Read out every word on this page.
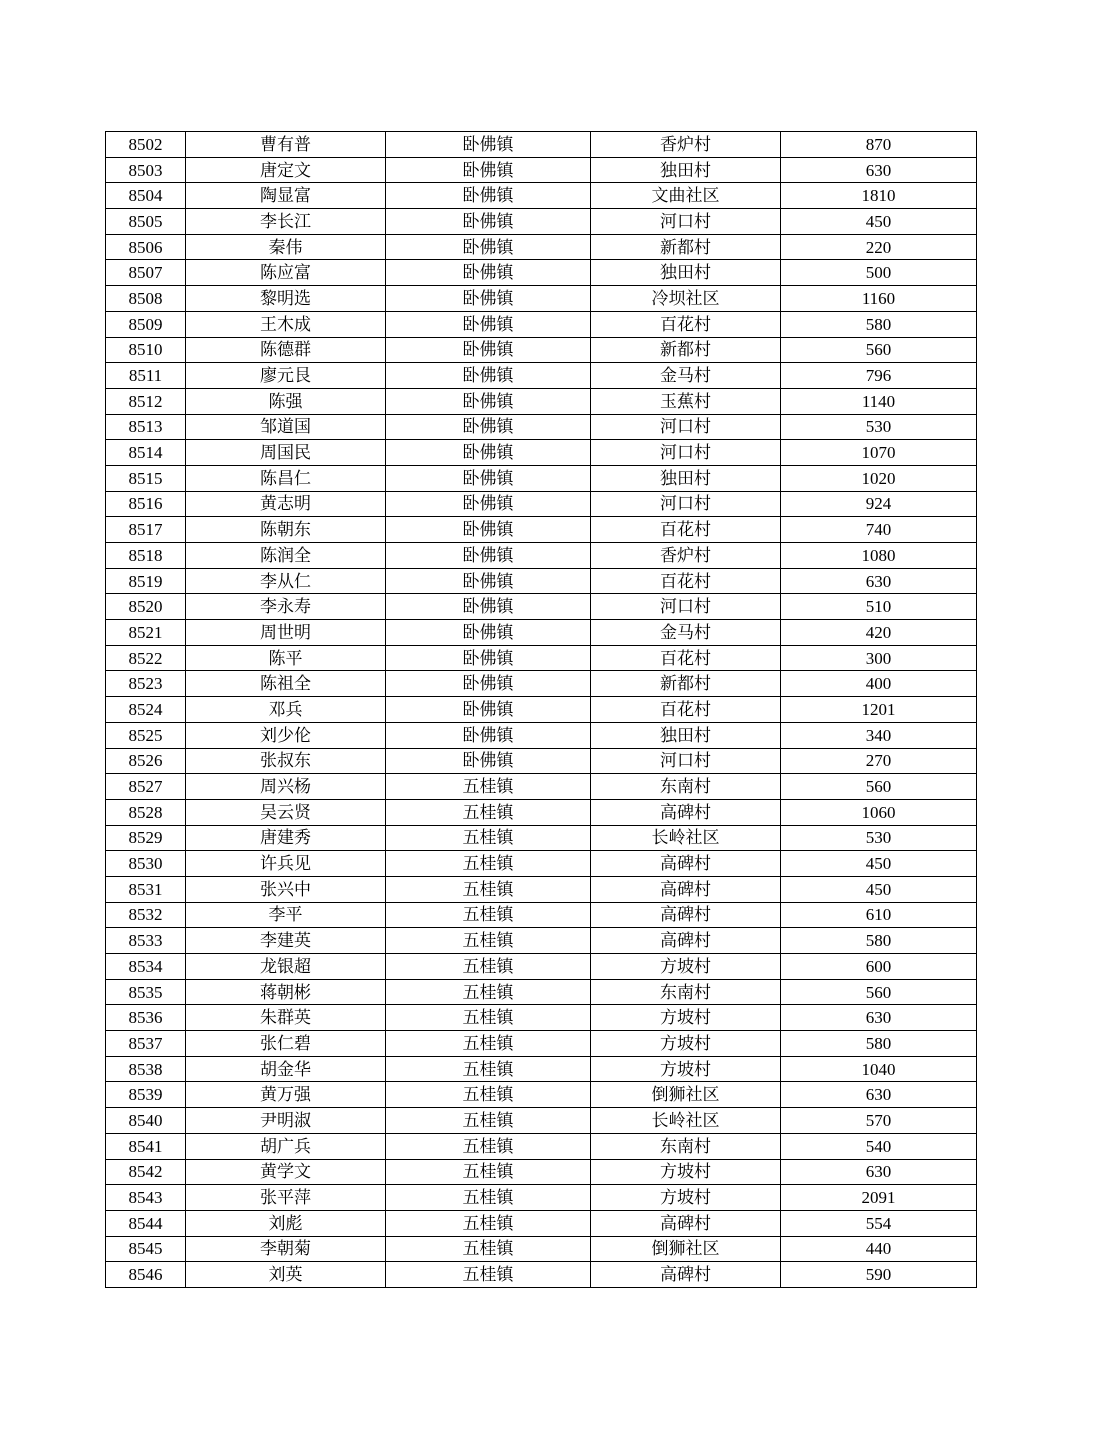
8502	曹有普	卧佛镇	香炉村	870
8503	唐定文	卧佛镇	独田村	630
8504	陶显富	卧佛镇	文曲社区	1810
8505	李长江	卧佛镇	河口村	450
8506	秦伟	卧佛镇	新都村	220
8507	陈应富	卧佛镇	独田村	500
8508	黎明选	卧佛镇	冷坝社区	1160
8509	王木成	卧佛镇	百花村	580
8510	陈德群	卧佛镇	新都村	560
8511	廖元艮	卧佛镇	金马村	796
8512	陈强	卧佛镇	玉蕉村	1140
8513	邹道国	卧佛镇	河口村	530
8514	周国民	卧佛镇	河口村	1070
8515	陈昌仁	卧佛镇	独田村	1020
8516	黄志明	卧佛镇	河口村	924
8517	陈朝东	卧佛镇	百花村	740
8518	陈润全	卧佛镇	香炉村	1080
8519	李从仁	卧佛镇	百花村	630
8520	李永寿	卧佛镇	河口村	510
8521	周世明	卧佛镇	金马村	420
8522	陈平	卧佛镇	百花村	300
8523	陈祖全	卧佛镇	新都村	400
8524	邓兵	卧佛镇	百花村	1201
8525	刘少伦	卧佛镇	独田村	340
8526	张叔东	卧佛镇	河口村	270
8527	周兴杨	五桂镇	东南村	560
8528	吴云贤	五桂镇	高碑村	1060
8529	唐建秀	五桂镇	长岭社区	530
8530	许兵见	五桂镇	高碑村	450
8531	张兴中	五桂镇	高碑村	450
8532	李平	五桂镇	高碑村	610
8533	李建英	五桂镇	高碑村	580
8534	龙银超	五桂镇	方坡村	600
8535	蒋朝彬	五桂镇	东南村	560
8536	朱群英	五桂镇	方坡村	630
8537	张仁碧	五桂镇	方坡村	580
8538	胡金华	五桂镇	方坡村	1040
8539	黄万强	五桂镇	倒狮社区	630
8540	尹明淑	五桂镇	长岭社区	570
8541	胡广兵	五桂镇	东南村	540
8542	黄学文	五桂镇	方坡村	630
8543	张平萍	五桂镇	方坡村	2091
8544	刘彪	五桂镇	高碑村	554
8545	李朝菊	五桂镇	倒狮社区	440
8546	刘英	五桂镇	高碑村	590
